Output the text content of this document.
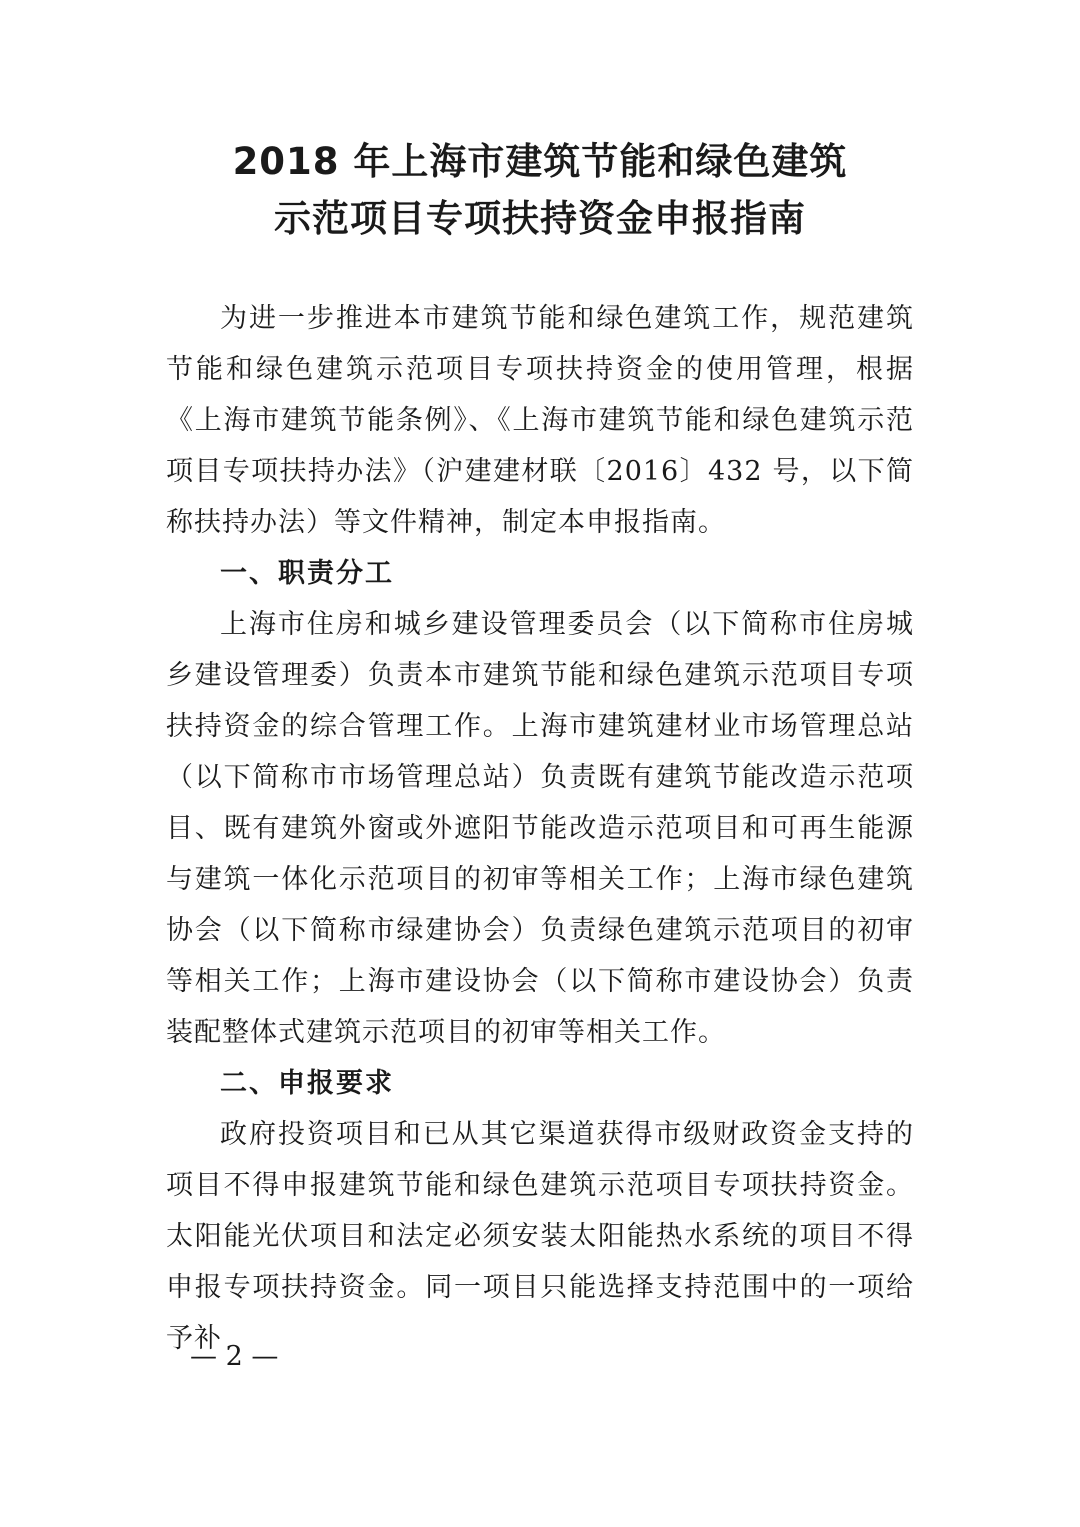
2018 年上海市建筑节能和绿色建筑
示范项目专项扶持资金申报指南

为进一步推进本市建筑节能和绿色建筑工作，规范建筑节能和绿色建筑示范项目专项扶持资金的使用管理，根据《上海市建筑节能条例》、《上海市建筑节能和绿色建筑示范项目专项扶持办法》（沪建建材联〔2016〕432 号，以下简称扶持办法）等文件精神，制定本申报指南。

一、职责分工

上海市住房和城乡建设管理委员会（以下简称市住房城乡建设管理委）负责本市建筑节能和绿色建筑示范项目专项扶持资金的综合管理工作。上海市建筑建材业市场管理总站（以下简称市市场管理总站）负责既有建筑节能改造示范项目、既有建筑外窗或外遮阳节能改造示范项目和可再生能源与建筑一体化示范项目的初审等相关工作；上海市绿色建筑协会（以下简称市绿建协会）负责绿色建筑示范项目的初审等相关工作；上海市建设协会（以下简称市建设协会）负责装配整体式建筑示范项目的初审等相关工作。

二、申报要求

政府投资项目和已从其它渠道获得市级财政资金支持的项目不得申报建筑节能和绿色建筑示范项目专项扶持资金。太阳能光伏项目和法定必须安装太阳能热水系统的项目不得申报专项扶持资金。同一项目只能选择支持范围中的一项给予补

— 2 —
